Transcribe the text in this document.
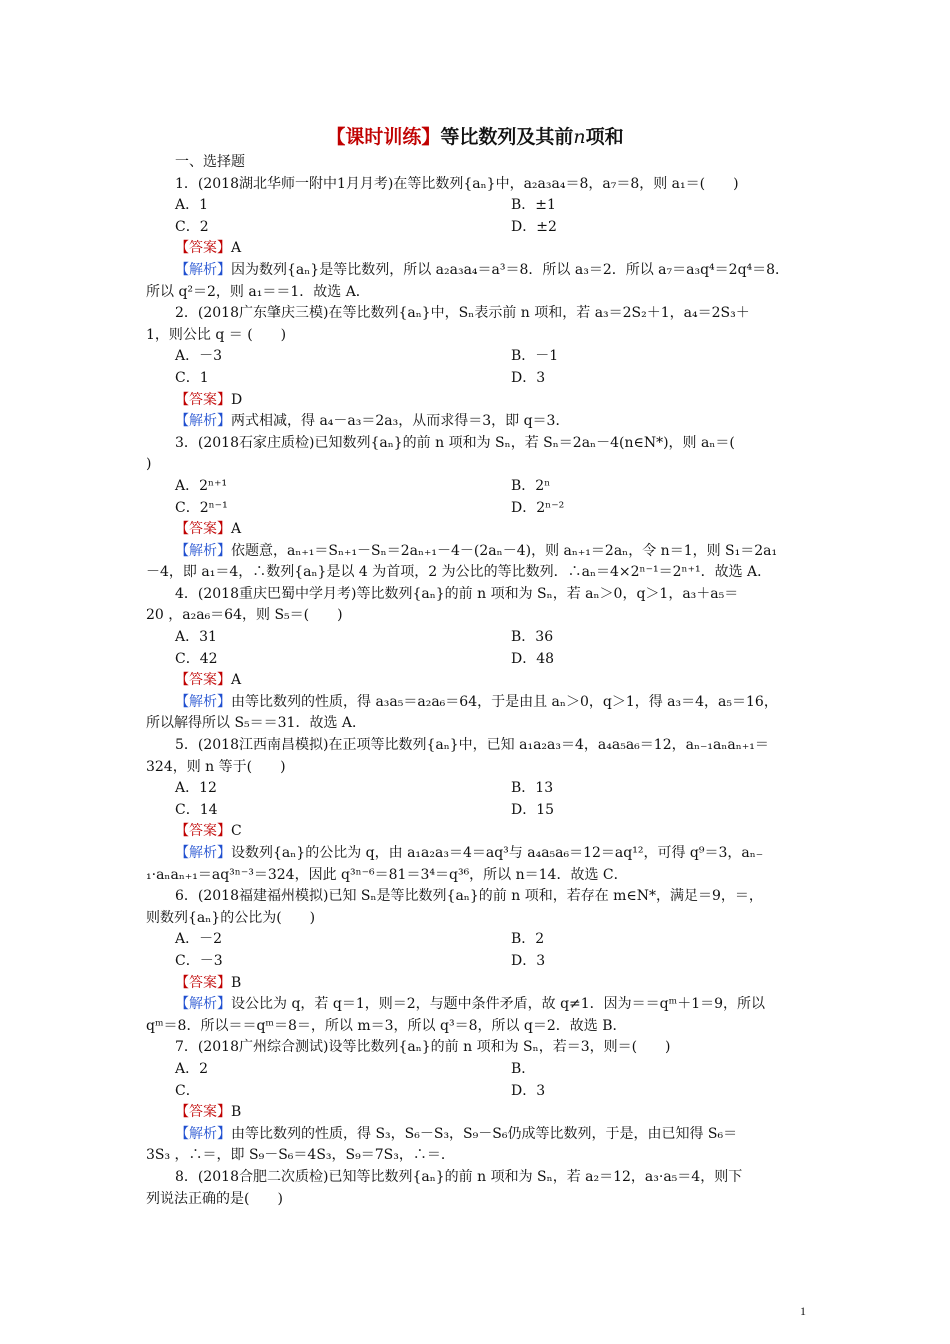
【课时训练】等比数列及其前n项和
一、选择题
1．(2018湖北华师一附中1月月考)在等比数列{aₙ}中，a₂a₃a₄＝8，a₇＝8，则 a₁＝(　　)
A．1	B．±1
C．2	D．±2
【答案】A
【解析】因为数列{aₙ}是等比数列，所以 a₂a₃a₄＝a³＝8．所以 a₃＝2．所以 a₇＝a₃q⁴＝2q⁴＝8．
所以 q²＝2，则 a₁＝＝1．故选 A．
2．(2018广东肇庆三模)在等比数列{aₙ}中，Sₙ表示前 n 项和，若 a₃＝2S₂＋1，a₄＝2S₃＋
1，则公比 q ＝ (　　)
A．－3	B．－1
C．1	D．3
【答案】D
【解析】两式相减，得 a₄－a₃＝2a₃，从而求得＝3，即 q＝3．
3．(2018石家庄质检)已知数列{aₙ}的前 n 项和为 Sₙ，若 Sₙ＝2aₙ－4(n∈N*)，则 aₙ＝(
)
A．2ⁿ⁺¹	B．2ⁿ
C．2ⁿ⁻¹	D．2ⁿ⁻²
【答案】A
【解析】依题意，aₙ₊₁＝Sₙ₊₁－Sₙ＝2aₙ₊₁－4－(2aₙ－4)，则 aₙ₊₁＝2aₙ，令 n＝1，则 S₁＝2a₁
－4，即 a₁＝4，∴数列{aₙ}是以 4 为首项，2 为公比的等比数列．∴aₙ＝4×2ⁿ⁻¹＝2ⁿ⁺¹．故选 A．
4．(2018重庆巴蜀中学月考)等比数列{aₙ}的前 n 项和为 Sₙ，若 aₙ＞0，q＞1，a₃＋a₅＝
20 ，a₂a₆＝64，则 S₅＝(　　)
A．31	B．36
C．42	D．48
【答案】A
【解析】由等比数列的性质，得 a₃a₅＝a₂a₆＝64，于是由且 aₙ＞0，q＞1，得 a₃＝4，a₅＝16，
所以解得所以 S₅＝＝31．故选 A．
5．(2018江西南昌模拟)在正项等比数列{aₙ}中，已知 a₁a₂a₃＝4，a₄a₅a₆＝12，aₙ₋₁aₙaₙ₊₁＝
324，则 n 等于(　　)
A．12	B．13
C．14	D．15
【答案】C
【解析】设数列{aₙ}的公比为 q，由 a₁a₂a₃＝4＝aq³与 a₄a₅a₆＝12＝aq¹²，可得 q⁹＝3，aₙ₋
₁·aₙaₙ₊₁＝aq³ⁿ⁻³＝324，因此 q³ⁿ⁻⁶＝81＝3⁴＝q³⁶，所以 n＝14．故选 C．
6．(2018福建福州模拟)已知 Sₙ是等比数列{aₙ}的前 n 项和，若存在 m∈N*，满足＝9，＝，
则数列{aₙ}的公比为(　　)
A．－2	B．2
C．－3	D．3
【答案】B
【解析】设公比为 q，若 q＝1，则＝2，与题中条件矛盾，故 q≠1．因为＝＝qᵐ＋1＝9，所以
qᵐ＝8．所以＝＝qᵐ＝8＝，所以 m＝3，所以 q³＝8，所以 q＝2．故选 B．
7．(2018广州综合测试)设等比数列{aₙ}的前 n 项和为 Sₙ，若＝3，则＝(　　)
A．2	B．
C．	D．3
【答案】B
【解析】由等比数列的性质，得 S₃，S₆－S₃，S₉－S₆仍成等比数列，于是，由已知得 S₆＝
3S₃ ，∴＝，即 S₉－S₆＝4S₃，S₉＝7S₃，∴＝．
8．(2018合肥二次质检)已知等比数列{aₙ}的前 n 项和为 Sₙ，若 a₂＝12，a₃·a₅＝4，则下
列说法正确的是(　　)
1
